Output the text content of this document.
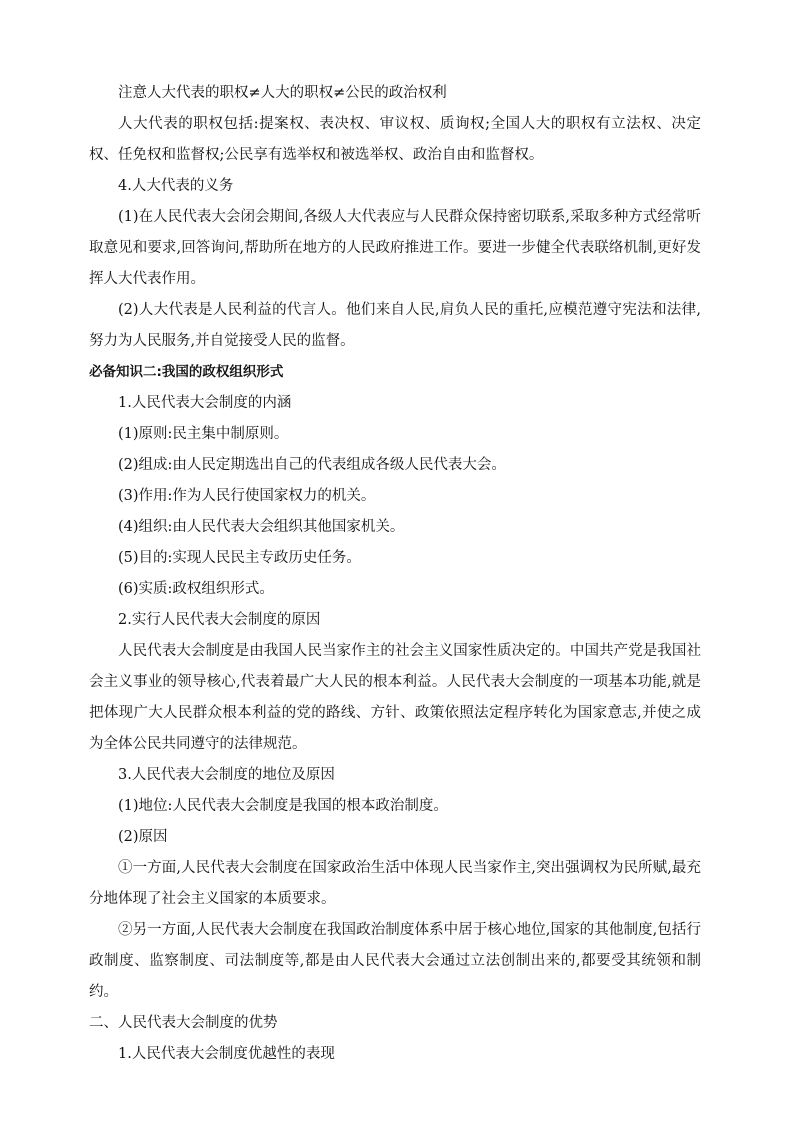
注意人大代表的职权≠人大的职权≠公民的政治权利

人大代表的职权包括:提案权、表决权、审议权、质询权;全国人大的职权有立法权、决定权、任免权和监督权;公民享有选举权和被选举权、政治自由和监督权。

4.人大代表的义务

(1)在人民代表大会闭会期间,各级人大代表应与人民群众保持密切联系,采取多种方式经常听取意见和要求,回答询问,帮助所在地方的人民政府推进工作。要进一步健全代表联络机制,更好发挥人大代表作用。

(2)人大代表是人民利益的代言人。他们来自人民,肩负人民的重托,应模范遵守宪法和法律,努力为人民服务,并自觉接受人民的监督。

必备知识二:我国的政权组织形式

1.人民代表大会制度的内涵

(1)原则:民主集中制原则。

(2)组成:由人民定期选出自己的代表组成各级人民代表大会。

(3)作用:作为人民行使国家权力的机关。

(4)组织:由人民代表大会组织其他国家机关。

(5)目的:实现人民民主专政历史任务。

(6)实质:政权组织形式。

2.实行人民代表大会制度的原因

人民代表大会制度是由我国人民当家作主的社会主义国家性质决定的。中国共产党是我国社会主义事业的领导核心,代表着最广大人民的根本利益。人民代表大会制度的一项基本功能,就是把体现广大人民群众根本利益的党的路线、方针、政策依照法定程序转化为国家意志,并使之成为全体公民共同遵守的法律规范。

3.人民代表大会制度的地位及原因

(1)地位:人民代表大会制度是我国的根本政治制度。

(2)原因

①一方面,人民代表大会制度在国家政治生活中体现人民当家作主,突出强调权为民所赋,最充分地体现了社会主义国家的本质要求。

②另一方面,人民代表大会制度在我国政治制度体系中居于核心地位,国家的其他制度,包括行政制度、监察制度、司法制度等,都是由人民代表大会通过立法创制出来的,都要受其统领和制约。

二、人民代表大会制度的优势

1.人民代表大会制度优越性的表现
